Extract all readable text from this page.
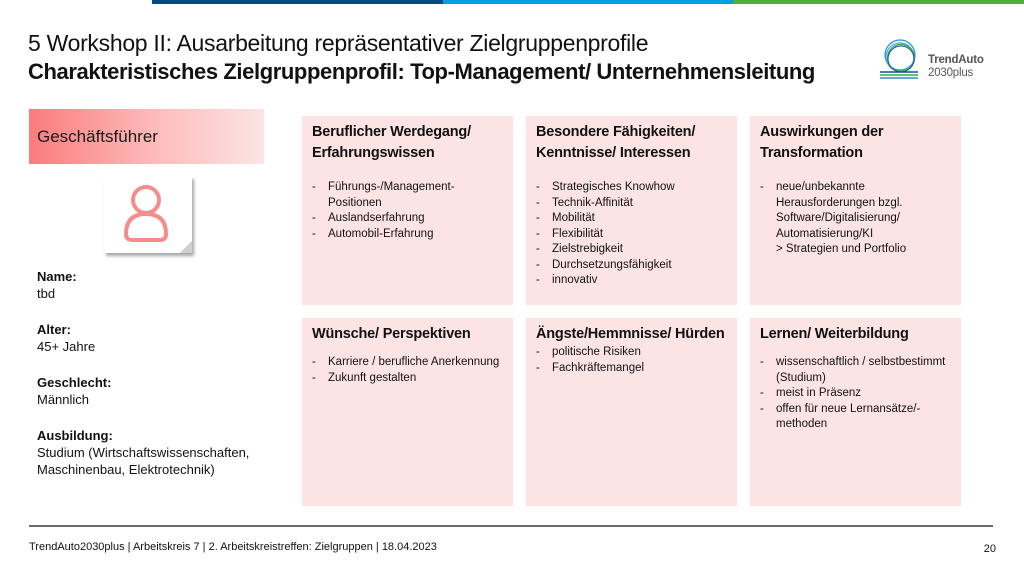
5 Workshop II: Ausarbeitung repräsentativer Zielgruppenprofile
Charakteristisches Zielgruppenprofil: Top-Management/ Unternehmensleitung	TrendAuto
2030plus
Geschäftsführer
Name:
tbd
Alter:
45+ Jahre
Geschlecht:
Männlich
Ausbildung:
Studium (Wirtschaftswissenschaften, Maschinenbau, Elektrotechnik)
Beruflicher Werdegang/ Erfahrungswissen
- Führungs-/Management-Positionen
- Auslandserfahrung
- Automobil-Erfahrung
Besondere Fähigkeiten/ Kenntnisse/ Interessen
- Strategisches Knowhow
- Technik-Affinität
- Mobilität
- Flexibilität
- Zielstrebigkeit
- Durchsetzungsfähigkeit
- innovativ
Auswirkungen der Transformation
- neue/unbekannte Herausforderungen bzgl. Software/Digitalisierung/ Automatisierung/KI
> Strategien und Portfolio
Wünsche/ Perspektiven
- Karriere / berufliche Anerkennung
- Zukunft gestalten
Ängste/Hemmnisse/ Hürden
- politische Risiken
- Fachkräftemangel
Lernen/ Weiterbildung
- wissenschaftlich / selbstbestimmt (Studium)
- meist in Präsenz
- offen für neue Lernansätze/-methoden
TrendAuto2030plus | Arbeitskreis 7 | 2. Arbeitskreistreffen: Zielgruppen | 18.04.2023	20
